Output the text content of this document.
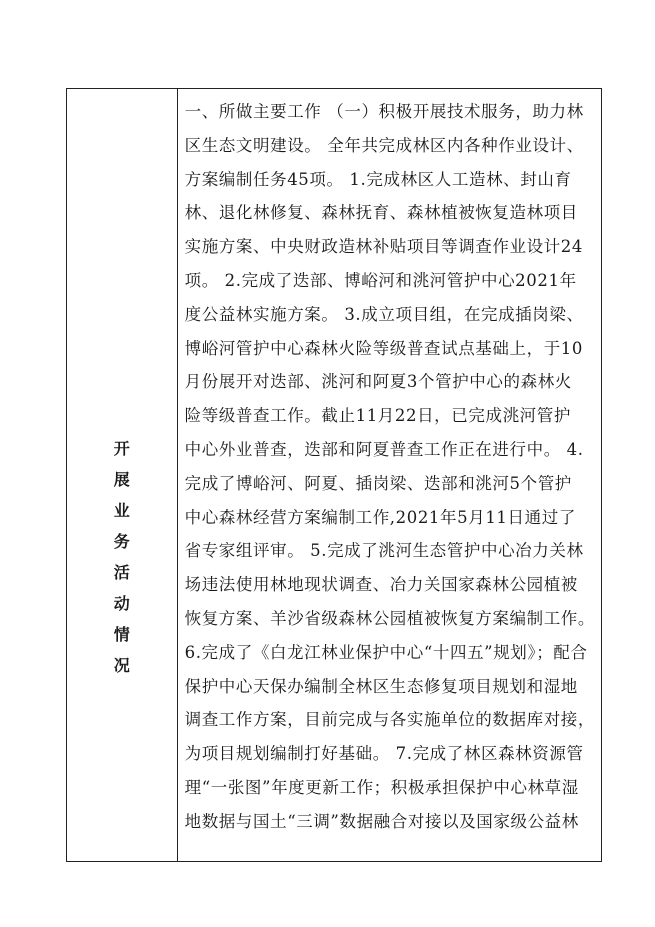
开
展
业
务
活
动
情
况
一、所做主要工作 （一）积极开展技术服务，助力林
区生态文明建设。 全年共完成林区内各种作业设计、
方案编制任务45项。 1.完成林区人工造林、封山育
林、退化林修复、森林抚育、森林植被恢复造林项目
实施方案、中央财政造林补贴项目等调查作业设计24
项。 2.完成了迭部、博峪河和洮河管护中心2021年
度公益林实施方案。 3.成立项目组，在完成插岗梁、
博峪河管护中心森林火险等级普查试点基础上，于10
月份展开对迭部、洮河和阿夏3个管护中心的森林火
险等级普查工作。截止11月22日，已完成洮河管护
中心外业普查，迭部和阿夏普查工作正在进行中。 4.
完成了博峪河、阿夏、插岗梁、迭部和洮河5个管护
中心森林经营方案编制工作,2021年5月11日通过了
省专家组评审。 5.完成了洮河生态管护中心冶力关林
场违法使用林地现状调查、冶力关国家森林公园植被
恢复方案、羊沙省级森林公园植被恢复方案编制工作。
6.完成了《白龙江林业保护中心“十四五”规划》；配合
保护中心天保办编制全林区生态修复项目规划和湿地
调查工作方案，目前完成与各实施单位的数据库对接，
为项目规划编制打好基础。 7.完成了林区森林资源管
理“一张图”年度更新工作；积极承担保护中心林草湿
地数据与国土“三调”数据融合对接以及国家级公益林
